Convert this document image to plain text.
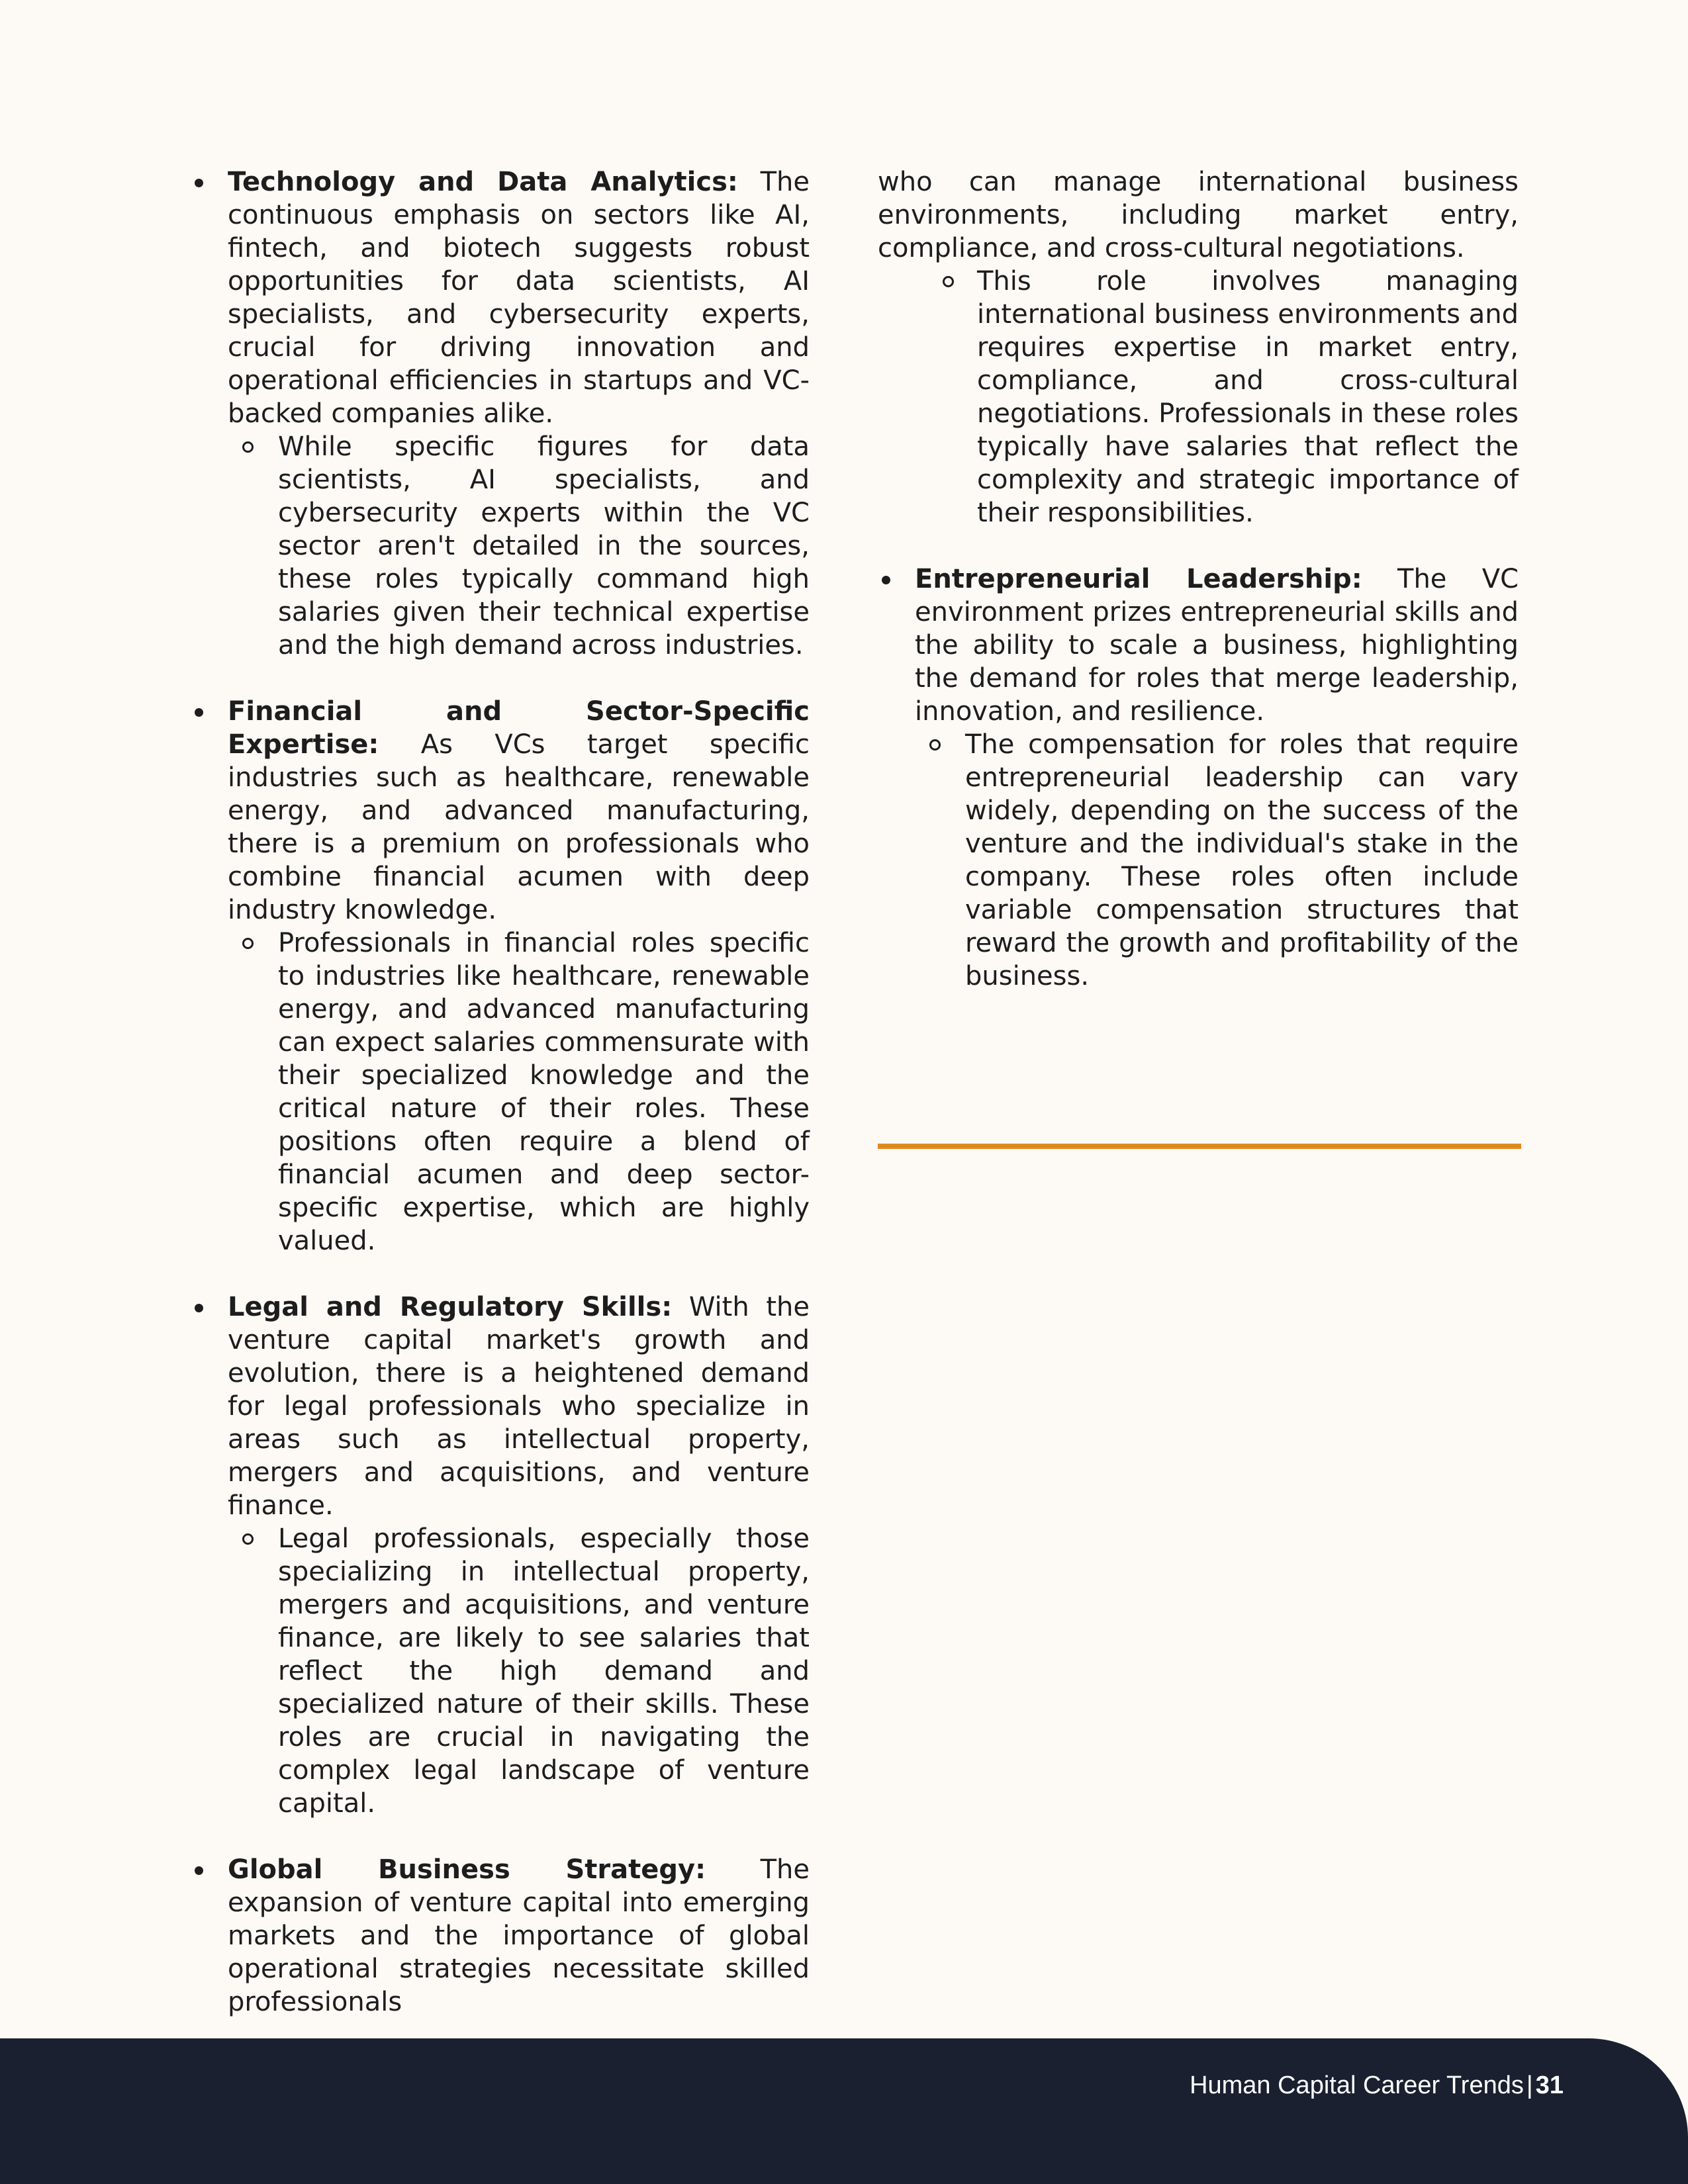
Technology and Data Analytics: The continuous emphasis on sectors like AI, fintech, and biotech suggests robust opportunities for data scientists, AI specialists, and cybersecurity experts, crucial for driving innovation and operational efficiencies in startups and VC-backed companies alike.
While specific figures for data scientists, AI specialists, and cybersecurity experts within the VC sector aren't detailed in the sources, these roles typically command high salaries given their technical expertise and the high demand across industries.
Financial and Sector-Specific Expertise: As VCs target specific industries such as healthcare, renewable energy, and advanced manufacturing, there is a premium on professionals who combine financial acumen with deep industry knowledge.
Professionals in financial roles specific to industries like healthcare, renewable energy, and advanced manufacturing can expect salaries commensurate with their specialized knowledge and the critical nature of their roles. These positions often require a blend of financial acumen and deep sector-specific expertise, which are highly valued.
Legal and Regulatory Skills: With the venture capital market's growth and evolution, there is a heightened demand for legal professionals who specialize in areas such as intellectual property, mergers and acquisitions, and venture finance.
Legal professionals, especially those specializing in intellectual property, mergers and acquisitions, and venture finance, are likely to see salaries that reflect the high demand and specialized nature of their skills. These roles are crucial in navigating the complex legal landscape of venture capital.
Global Business Strategy: The expansion of venture capital into emerging markets and the importance of global operational strategies necessitate skilled professionals
who can manage international business environments, including market entry, compliance, and cross-cultural negotiations.
This role involves managing international business environments and requires expertise in market entry, compliance, and cross-cultural negotiations. Professionals in these roles typically have salaries that reflect the complexity and strategic importance of their responsibilities.
Entrepreneurial Leadership: The VC environment prizes entrepreneurial skills and the ability to scale a business, highlighting the demand for roles that merge leadership, innovation, and resilience.
The compensation for roles that require entrepreneurial leadership can vary widely, depending on the success of the venture and the individual's stake in the company. These roles often include variable compensation structures that reward the growth and profitability of the business.
Human Capital Career Trends | 31
